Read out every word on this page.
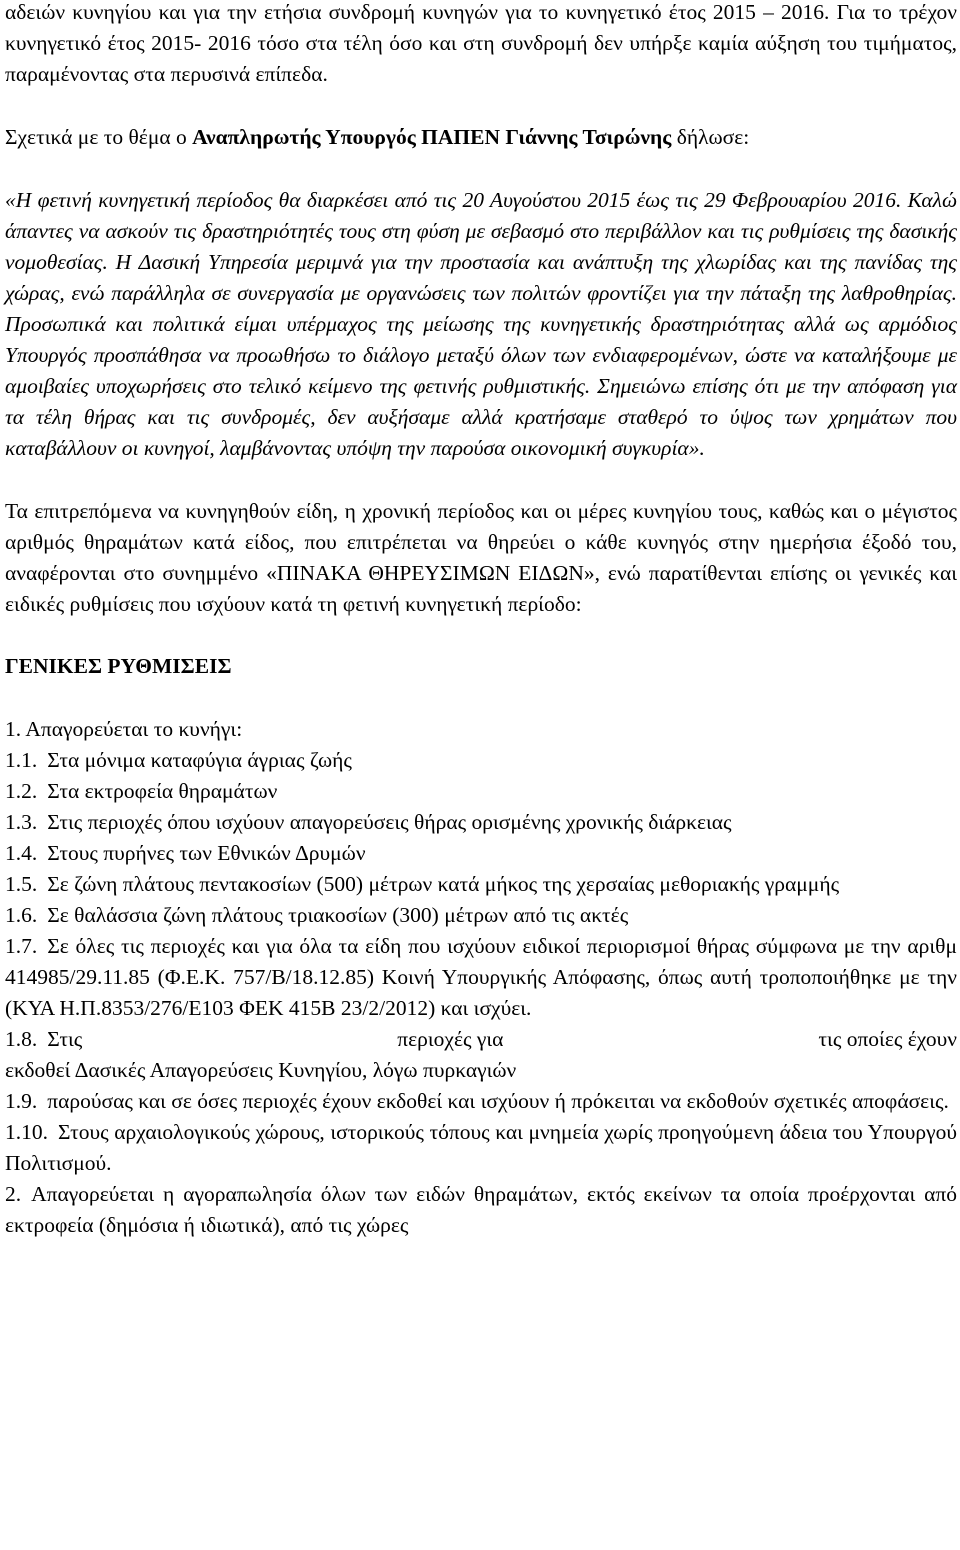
αδειών κυνηγίου και για την ετήσια συνδρομή κυνηγών για το κυνηγετικό έτος 2015 – 2016. Για το τρέχον κυνηγετικό έτος 2015- 2016 τόσο στα τέλη όσο και στη συνδρομή δεν υπήρξε καμία αύξηση του τιμήματος, παραμένοντας στα περυσινά επίπεδα.

Σχετικά με το θέμα ο Αναπληρωτής Υπουργός ΠΑΠΕΝ Γιάννης Τσιρώνης δήλωσε:

«Η φετινή κυνηγετική περίοδος θα διαρκέσει από τις 20 Αυγούστου 2015 έως τις 29 Φεβρουαρίου 2016. Καλώ άπαντες να ασκούν τις δραστηριότητές τους στη φύση με σεβασμό στο περιβάλλον και τις ρυθμίσεις της δασικής νομοθεσίας. Η Δασική Υπηρεσία μεριμνά για την προστασία και ανάπτυξη της χλωρίδας και της πανίδας της χώρας, ενώ παράλληλα σε συνεργασία με οργανώσεις των πολιτών φροντίζει για την πάταξη της λαθροθηρίας. Προσωπικά και πολιτικά είμαι υπέρμαχος της μείωσης της κυνηγετικής δραστηριότητας αλλά ως αρμόδιος Υπουργός προσπάθησα να προωθήσω το διάλογο μεταξύ όλων των ενδιαφερομένων, ώστε να καταλήξουμε με αμοιβαίες υποχωρήσεις στο τελικό κείμενο της φετινής ρυθμιστικής. Σημειώνω επίσης ότι με την απόφαση για τα τέλη θήρας και τις συνδρομές, δεν αυξήσαμε αλλά κρατήσαμε σταθερό το ύψος των χρημάτων που καταβάλλουν οι κυνηγοί, λαμβάνοντας υπόψη την παρούσα οικονομική συγκυρία».

Τα επιτρεπόμενα να κυνηγηθούν είδη, η χρονική περίοδος και οι μέρες κυνηγίου τους, καθώς και ο μέγιστος αριθμός θηραμάτων κατά είδος, που επιτρέπεται να θηρεύει ο κάθε κυνηγός στην ημερήσια έξοδό του, αναφέρονται στο συνημμένο «ΠΙΝΑΚΑ ΘΗΡΕΥΣΙΜΩΝ ΕΙΔΩΝ», ενώ παρατίθενται επίσης οι γενικές και ειδικές ρυθμίσεις που ισχύουν κατά τη φετινή κυνηγετική περίοδο:

ΓΕΝΙΚΕΣ ΡΥΘΜΙΣΕΙΣ
1. Απαγορεύεται το κυνήγι:
1.1. Στα μόνιμα καταφύγια άγριας ζωής
1.2. Στα εκτροφεία θηραμάτων
1.3. Στις περιοχές όπου ισχύουν απαγορεύσεις θήρας ορισμένης χρονικής διάρκειας
1.4. Στους πυρήνες των Εθνικών Δρυμών
1.5. Σε ζώνη πλάτους πεντακοσίων (500) μέτρων κατά μήκος της χερσαίας μεθοριακής γραμμής
1.6. Σε θαλάσσια ζώνη πλάτους τριακοσίων (300) μέτρων από τις ακτές
1.7. Σε όλες τις περιοχές και για όλα τα είδη που ισχύουν ειδικοί περιορισμοί θήρας σύμφωνα με την αριθμ 414985/29.11.85 (Φ.Ε.Κ. 757/Β/18.12.85) Κοινή Υπουργικής Απόφασης, όπως αυτή τροποποιήθηκε με την (ΚΥΑ Η.Π.8353/276/Ε103 ΦΕΚ 415Β 23/2/2012) και ισχύει.
1.8. Στις	περιοχές για	τις οποίες έχουν
εκδοθεί Δασικές Απαγορεύσεις Κυνηγίου, λόγω πυρκαγιών
1.9. παρούσας και σε όσες περιοχές έχουν εκδοθεί και ισχύουν ή πρόκειται να εκδοθούν σχετικές αποφάσεις.
1.10. Στους αρχαιολογικούς χώρους, ιστορικούς τόπους και μνημεία χωρίς προηγούμενη άδεια του Υπουργού Πολιτισμού.
2. Απαγορεύεται η αγοραπωλησία όλων των ειδών θηραμάτων, εκτός εκείνων τα οποία προέρχονται από εκτροφεία (δημόσια ή ιδιωτικά), από τις χώρες
